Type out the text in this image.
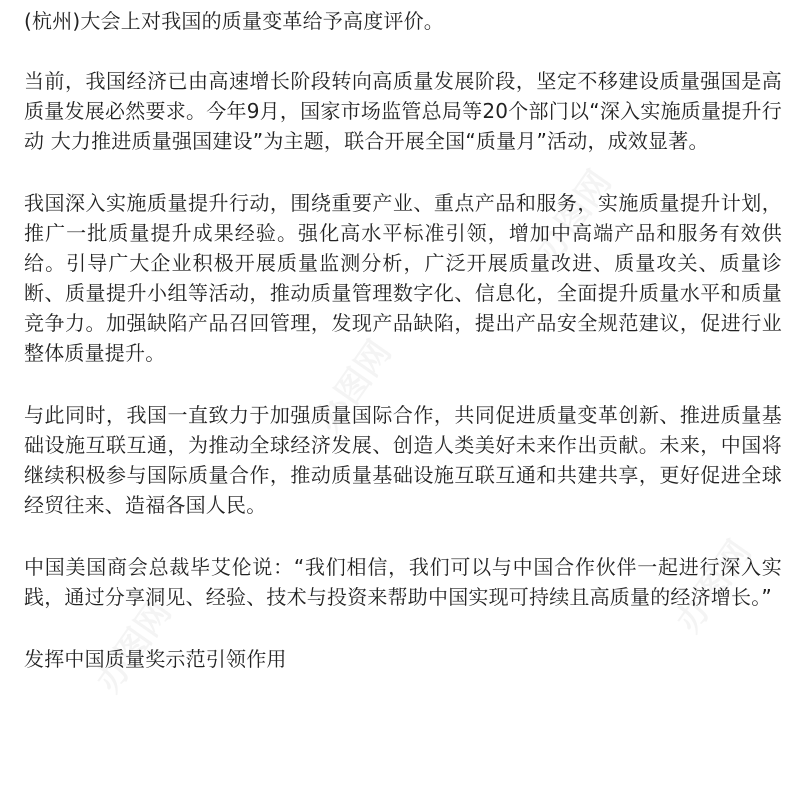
(杭州)大会上对我国的质量变革给予高度评价。

当前，我国经济已由高速增长阶段转向高质量发展阶段，坚定不移建设质量强国是高质量发展必然要求。今年9月，国家市场监管总局等20个部门以“深入实施质量提升行动 大力推进质量强国建设”为主题，联合开展全国“质量月”活动，成效显著。

我国深入实施质量提升行动，围绕重要产业、重点产品和服务，实施质量提升计划，推广一批质量提升成果经验。强化高水平标准引领，增加中高端产品和服务有效供给。引导广大企业积极开展质量监测分析，广泛开展质量改进、质量攻关、质量诊断、质量提升小组等活动，推动质量管理数字化、信息化，全面提升质量水平和质量竞争力。加强缺陷产品召回管理，发现产品缺陷，提出产品安全规范建议，促进行业整体质量提升。

与此同时，我国一直致力于加强质量国际合作，共同促进质量变革创新、推进质量基础设施互联互通，为推动全球经济发展、创造人类美好未来作出贡献。未来，中国将继续积极参与国际质量合作，推动质量基础设施互联互通和共建共享，更好促进全球经贸往来、造福各国人民。

中国美国商会总裁毕艾伦说：“我们相信，我们可以与中国合作伙伴一起进行深入实践，通过分享洞见、经验、技术与投资来帮助中国实现可持续且高质量的经济增长。”

发挥中国质量奖示范引领作用
